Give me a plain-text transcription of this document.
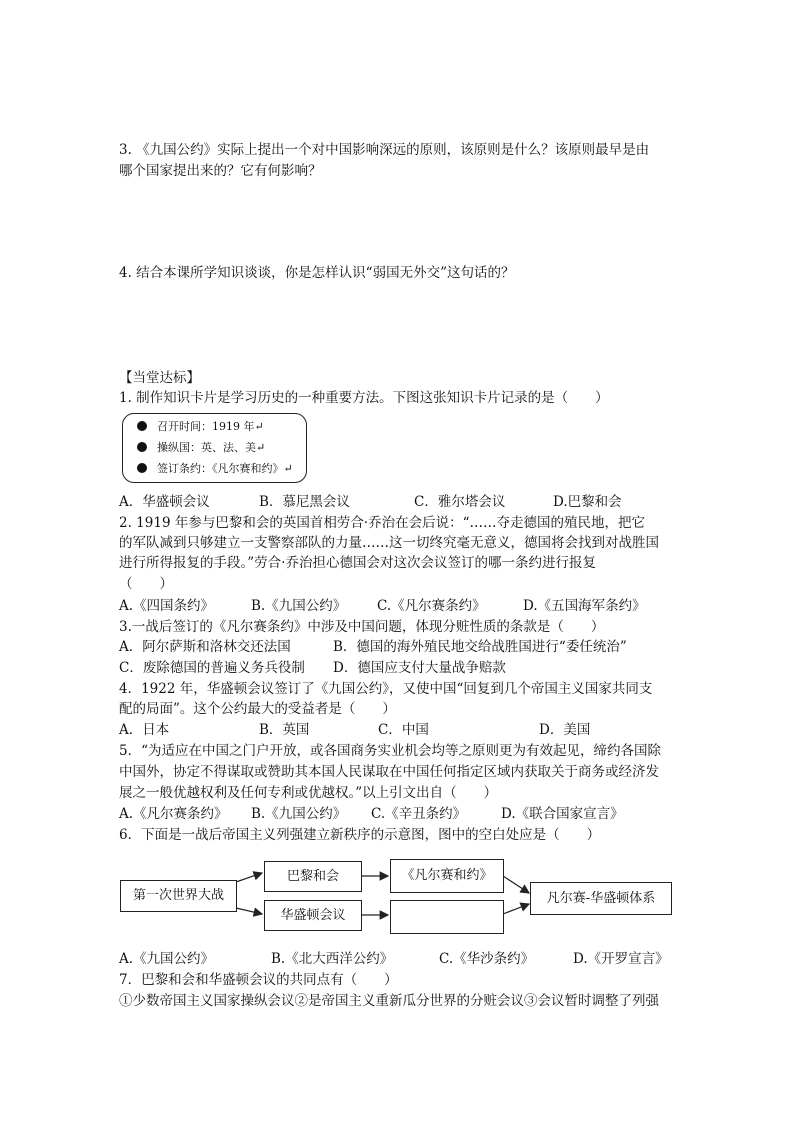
3. 《九国公约》实际上提出一个对中国影响深远的原则，该原则是什么？该原则最早是由
哪个国家提出来的？它有何影响？
4. 结合本课所学知识谈谈，你是怎样认识“弱国无外交”这句话的？
【当堂达标】
1. 制作知识卡片是学习历史的一种重要方法。下图这张知识卡片记录的是（　　）
召开时间：1919 年↵
操纵国：英、法、美↵
签订条约：《凡尔赛和约》↵
A．华盛顿会议	B．慕尼黑会议	C．雅尔塔会议	D.巴黎和会
2. 1919 年参与巴黎和会的英国首相劳合·乔治在会后说：“……夺走德国的殖民地，把它
的军队减到只够建立一支警察部队的力量……这一切终究毫无意义，德国将会找到对战胜国
进行所得报复的手段。”劳合·乔治担心德国会对这次会议签订的哪一条约进行报复
（　　）
A.《四国条约》	B.《九国公约》 C.《凡尔赛条约》	D.《五国海军条约》
3.一战后签订的《凡尔赛条约》中涉及中国问题，体现分赃性质的条款是（　　）
A．阿尔萨斯和洛林交还法国	B．德国的海外殖民地交给战胜国进行“委任统治”
C．废除德国的普遍义务兵役制 D．德国应支付大量战争赔款
4．1922 年，华盛顿会议签订了《九国公约》，又使中国“回复到几个帝国主义国家共同支
配的局面”。这个公约最大的受益者是（　　）
A．日本	B．英国	C．中国	D．美国
5．“为适应在中国之门户开放，或各国商务实业机会均等之原则更为有效起见，缔约各国除
中国外，协定不得谋取或赞助其本国人民谋取在中国任何指定区域内获取关于商务或经济发
展之一般优越权利及任何专利或优越权。”以上引文出自（　　）
A.《凡尔赛条约》 B.《九国公约》 C.《辛丑条约》	D.《联合国家宣言》
6．下面是一战后帝国主义列强建立新秩序的示意图，图中的空白处应是（　　）
第一次世界大战
巴黎和会	《凡尔赛和约》
华盛顿会议
凡尔赛-华盛顿体系
A.《九国公约》	B.《北大西洋公约》	C.《华沙条约》	D.《开罗宣言》
7．巴黎和会和华盛顿会议的共同点有（　　）
①少数帝国主义国家操纵会议②是帝国主义重新瓜分世界的分赃会议③会议暂时调整了列强
